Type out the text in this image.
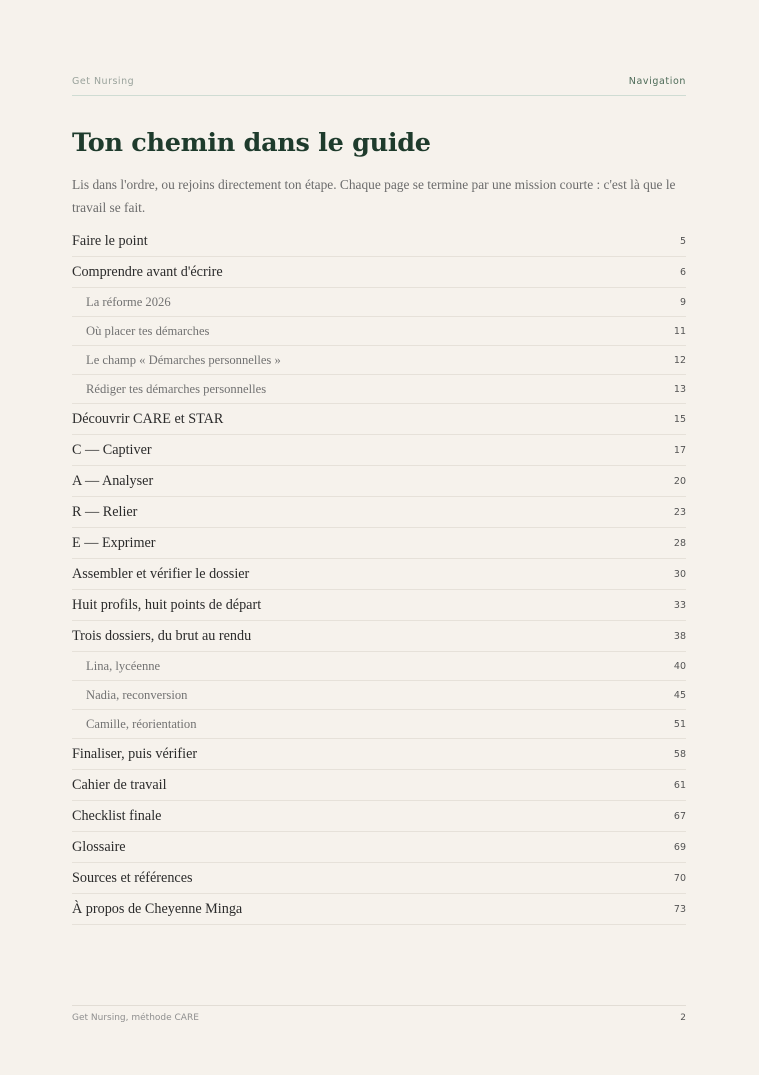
Get Nursing	Navigation
Ton chemin dans le guide

Lis dans l'ordre, ou rejoins directement ton étape. Chaque page se termine par une mission courte : c'est là que le travail se fait.

Faire le point	5
Comprendre avant d'écrire	6
La réforme 2026	9
Où placer tes démarches	11
Le champ « Démarches personnelles »	12
Rédiger tes démarches personnelles	13
Découvrir CARE et STAR	15
C — Captiver	17
A — Analyser	20
R — Relier	23
E — Exprimer	28
Assembler et vérifier le dossier	30
Huit profils, huit points de départ	33
Trois dossiers, du brut au rendu	38
Lina, lycéenne	40
Nadia, reconversion	45
Camille, réorientation	51
Finaliser, puis vérifier	58
Cahier de travail	61
Checklist finale	67
Glossaire	69
Sources et références	70
À propos de Cheyenne Minga	73
Get Nursing, méthode CARE	2
